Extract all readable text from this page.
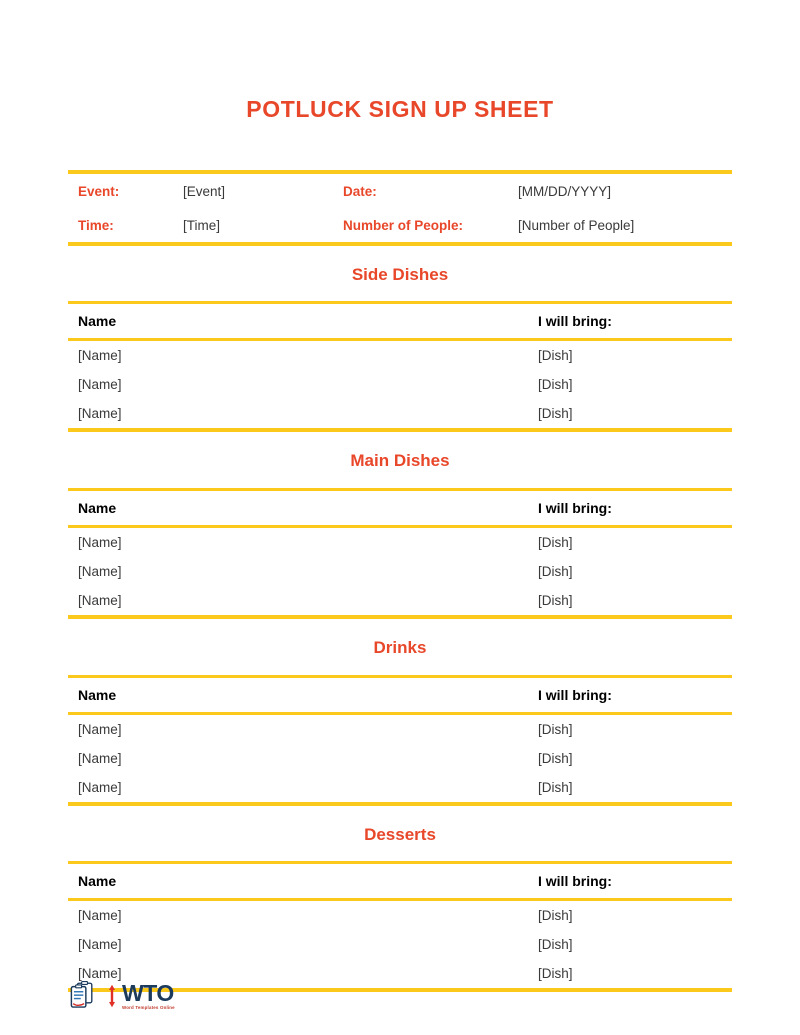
POTLUCK SIGN UP SHEET
Event:	[Event]	Date:	[MM/DD/YYYY]
Time:	[Time]	Number of People:	[Number of People]
Side Dishes
Name	I will bring:
[Name]	[Dish]
[Name]	[Dish]
[Name]	[Dish]
Main Dishes
Name	I will bring:
[Name]	[Dish]
[Name]	[Dish]
[Name]	[Dish]
Drinks
Name	I will bring:
[Name]	[Dish]
[Name]	[Dish]
[Name]	[Dish]
Desserts
Name	I will bring:
[Name]	[Dish]
[Name]	[Dish]
[Name]	[Dish]
WTO
Word Templates Online
